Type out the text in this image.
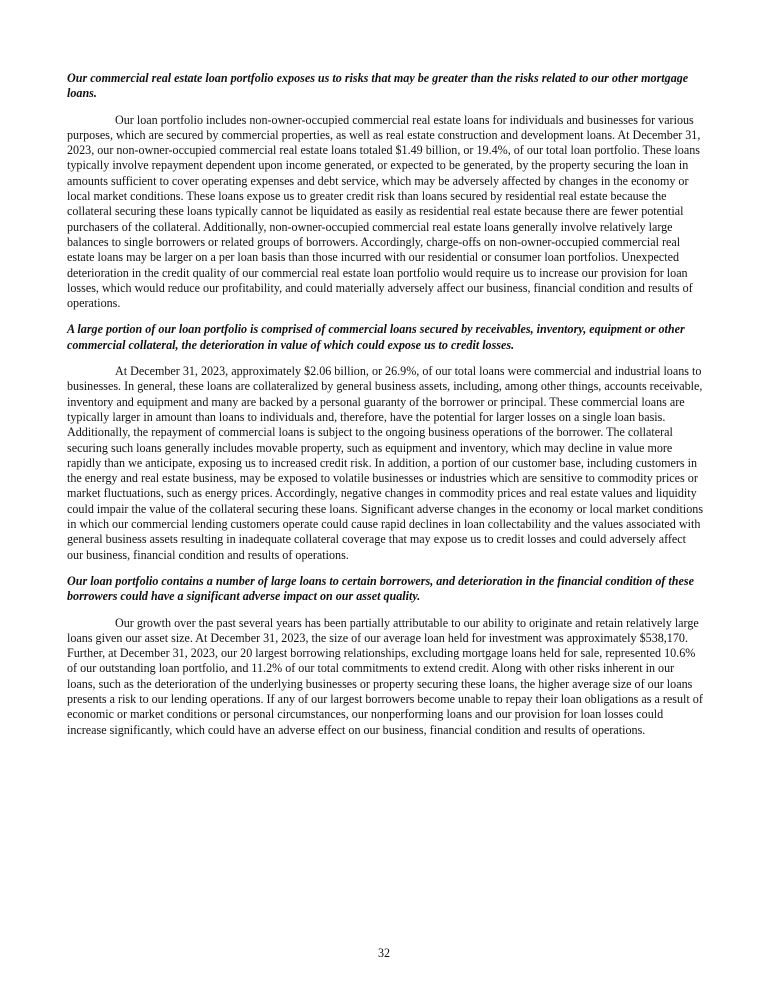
Our commercial real estate loan portfolio exposes us to risks that may be greater than the risks related to our other mortgage loans.

Our loan portfolio includes non-owner-occupied commercial real estate loans for individuals and businesses for various purposes, which are secured by commercial properties, as well as real estate construction and development loans. At December 31, 2023, our non-owner-occupied commercial real estate loans totaled $1.49 billion, or 19.4%, of our total loan portfolio. These loans typically involve repayment dependent upon income generated, or expected to be generated, by the property securing the loan in amounts sufficient to cover operating expenses and debt service, which may be adversely affected by changes in the economy or local market conditions. These loans expose us to greater credit risk than loans secured by residential real estate because the collateral securing these loans typically cannot be liquidated as easily as residential real estate because there are fewer potential purchasers of the collateral. Additionally, non-owner-occupied commercial real estate loans generally involve relatively large balances to single borrowers or related groups of borrowers. Accordingly, charge-offs on non-owner-occupied commercial real estate loans may be larger on a per loan basis than those incurred with our residential or consumer loan portfolios. Unexpected deterioration in the credit quality of our commercial real estate loan portfolio would require us to increase our provision for loan losses, which would reduce our profitability, and could materially adversely affect our business, financial condition and results of operations.

A large portion of our loan portfolio is comprised of commercial loans secured by receivables, inventory, equipment or other commercial collateral, the deterioration in value of which could expose us to credit losses.

At December 31, 2023, approximately $2.06 billion, or 26.9%, of our total loans were commercial and industrial loans to businesses. In general, these loans are collateralized by general business assets, including, among other things, accounts receivable, inventory and equipment and many are backed by a personal guaranty of the borrower or principal. These commercial loans are typically larger in amount than loans to individuals and, therefore, have the potential for larger losses on a single loan basis. Additionally, the repayment of commercial loans is subject to the ongoing business operations of the borrower. The collateral securing such loans generally includes movable property, such as equipment and inventory, which may decline in value more rapidly than we anticipate, exposing us to increased credit risk. In addition, a portion of our customer base, including customers in the energy and real estate business, may be exposed to volatile businesses or industries which are sensitive to commodity prices or market fluctuations, such as energy prices. Accordingly, negative changes in commodity prices and real estate values and liquidity could impair the value of the collateral securing these loans. Significant adverse changes in the economy or local market conditions in which our commercial lending customers operate could cause rapid declines in loan collectability and the values associated with general business assets resulting in inadequate collateral coverage that may expose us to credit losses and could adversely affect our business, financial condition and results of operations.

Our loan portfolio contains a number of large loans to certain borrowers, and deterioration in the financial condition of these borrowers could have a significant adverse impact on our asset quality.

Our growth over the past several years has been partially attributable to our ability to originate and retain relatively large loans given our asset size. At December 31, 2023, the size of our average loan held for investment was approximately $538,170. Further, at December 31, 2023, our 20 largest borrowing relationships, excluding mortgage loans held for sale, represented 10.6% of our outstanding loan portfolio, and 11.2% of our total commitments to extend credit. Along with other risks inherent in our loans, such as the deterioration of the underlying businesses or property securing these loans, the higher average size of our loans presents a risk to our lending operations. If any of our largest borrowers become unable to repay their loan obligations as a result of economic or market conditions or personal circumstances, our nonperforming loans and our provision for loan losses could increase significantly, which could have an adverse effect on our business, financial condition and results of operations.

32
